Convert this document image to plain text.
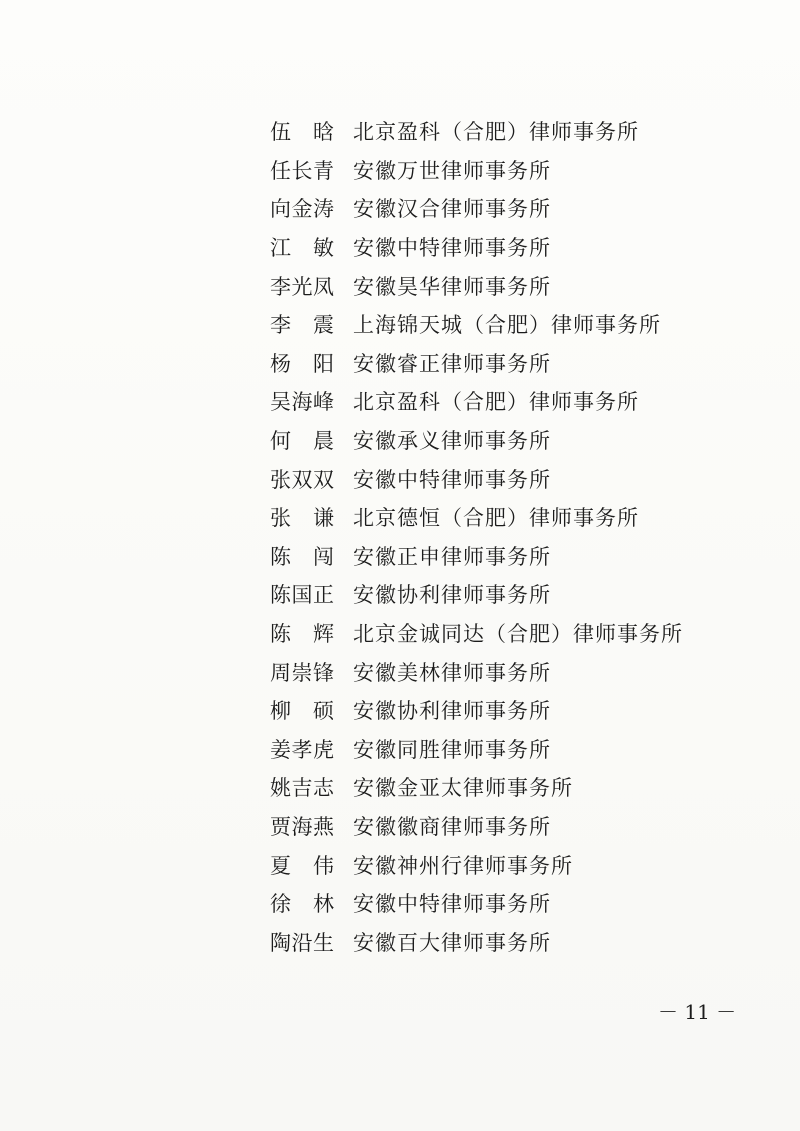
伍 晗 北京盈科（合肥）律师事务所
任长青 安徽万世律师事务所
向金涛 安徽汉合律师事务所
江 敏 安徽中特律师事务所
李光凤 安徽昊华律师事务所
李 震 上海锦天城（合肥）律师事务所
杨 阳 安徽睿正律师事务所
吴海峰 北京盈科（合肥）律师事务所
何 晨 安徽承义律师事务所
张双双 安徽中特律师事务所
张 谦 北京德恒（合肥）律师事务所
陈 闯 安徽正申律师事务所
陈国正 安徽协利律师事务所
陈 辉 北京金诚同达（合肥）律师事务所
周崇锋 安徽美林律师事务所
柳 硕 安徽协利律师事务所
姜孝虎 安徽同胜律师事务所
姚吉志 安徽金亚太律师事务所
贾海燕 安徽徽商律师事务所
夏 伟 安徽神州行律师事务所
徐 林 安徽中特律师事务所
陶沿生 安徽百大律师事务所
－ 11 －
